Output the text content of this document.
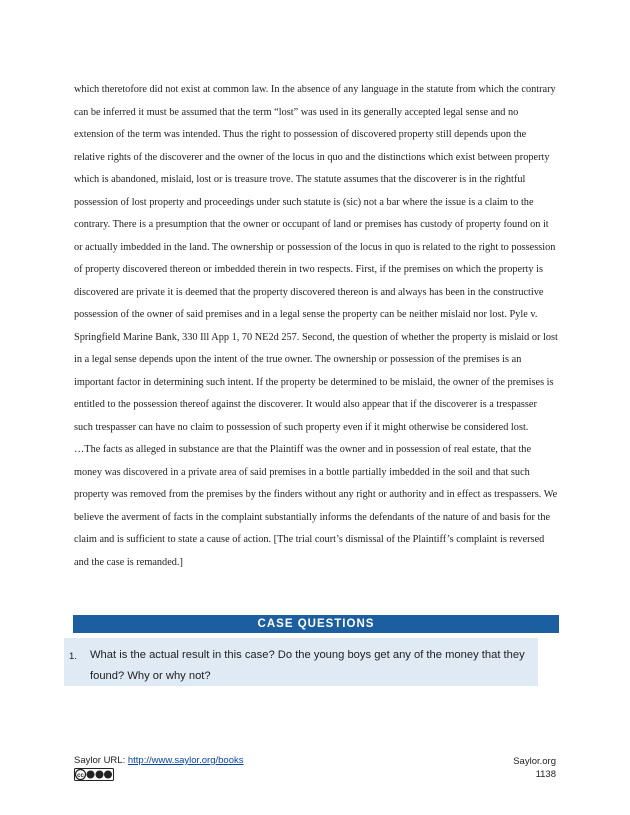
which theretofore did not exist at common law. In the absence of any language in the statute from which the contrary can be inferred it must be assumed that the term “lost” was used in its generally accepted legal sense and no extension of the term was intended. Thus the right to possession of discovered property still depends upon the relative rights of the discoverer and the owner of the locus in quo and the distinctions which exist between property which is abandoned, mislaid, lost or is treasure trove. The statute assumes that the discoverer is in the rightful possession of lost property and proceedings under such statute is (sic) not a bar where the issue is a claim to the contrary. There is a presumption that the owner or occupant of land or premises has custody of property found on it or actually imbedded in the land. The ownership or possession of the locus in quo is related to the right to possession of property discovered thereon or imbedded therein in two respects. First, if the premises on which the property is discovered are private it is deemed that the property discovered thereon is and always has been in the constructive possession of the owner of said premises and in a legal sense the property can be neither mislaid nor lost. Pyle v. Springfield Marine Bank, 330 Ill App 1, 70 NE2d 257. Second, the question of whether the property is mislaid or lost in a legal sense depends upon the intent of the true owner. The ownership or possession of the premises is an important factor in determining such intent. If the property be determined to be mislaid, the owner of the premises is entitled to the possession thereof against the discoverer. It would also appear that if the discoverer is a trespasser such trespasser can have no claim to possession of such property even if it might otherwise be considered lost.

…The facts as alleged in substance are that the Plaintiff was the owner and in possession of real estate, that the money was discovered in a private area of said premises in a bottle partially imbedded in the soil and that such property was removed from the premises by the finders without any right or authority and in effect as trespassers. We believe the averment of facts in the complaint substantially informs the defendants of the nature of and basis for the claim and is sufficient to state a cause of action. [The trial court’s dismissal of the Plaintiff’s complaint is reversed and the case is remanded.]

CASE QUESTIONS
1. What is the actual result in this case? Do the young boys get any of the money that they found? Why or why not?
Saylor URL: http://www.saylor.org/books
cc
Saylor.org
1138
